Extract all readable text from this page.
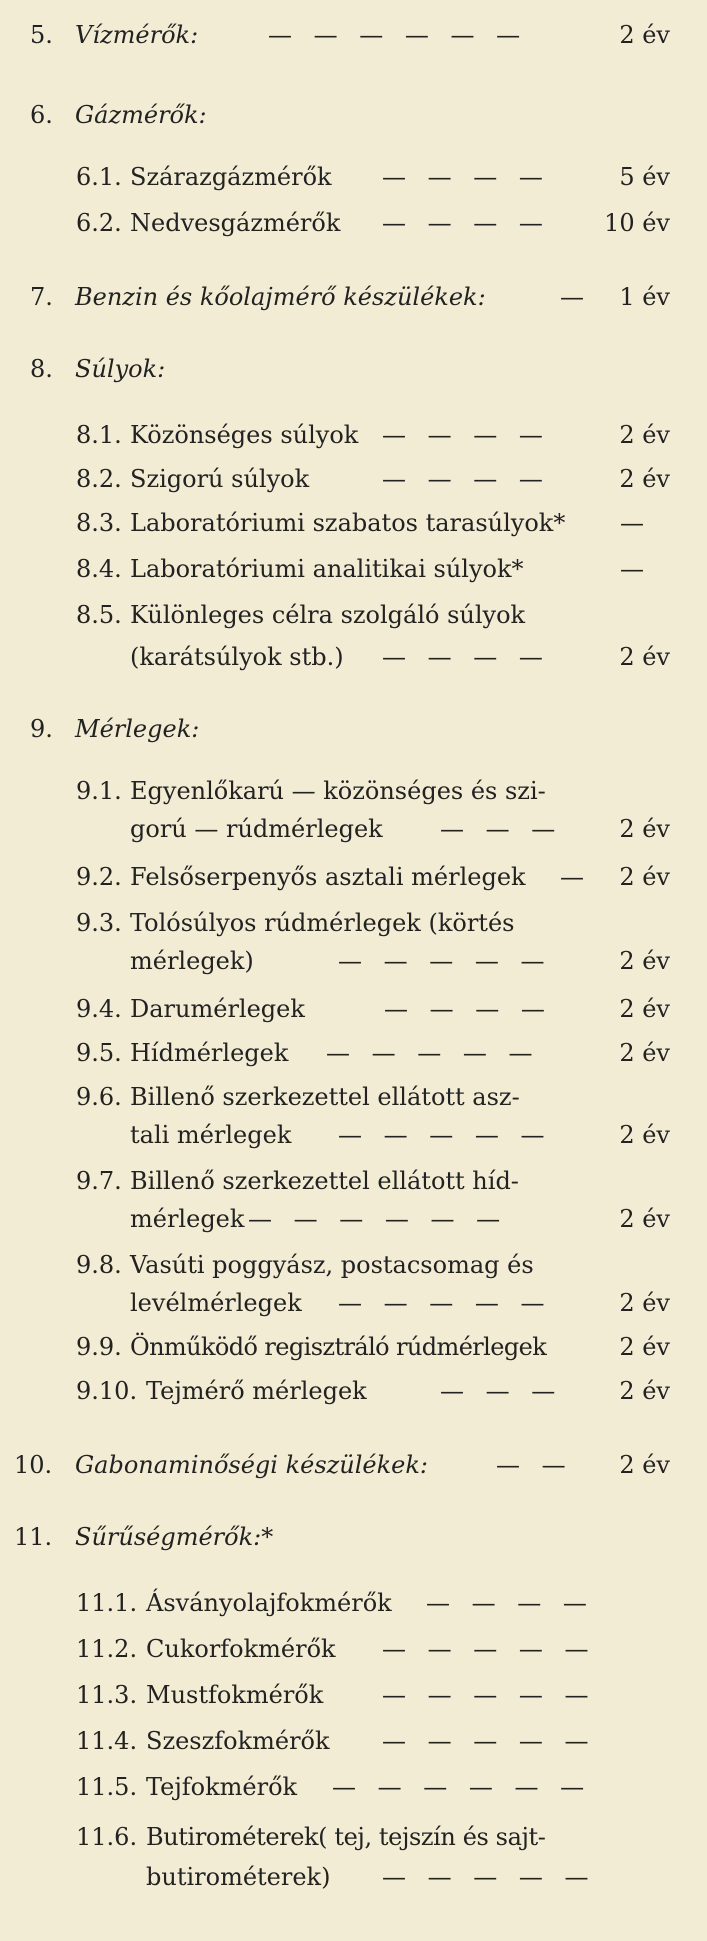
5. Vízmérők:	— — — — — —	2 év
6. Gázmérők:
6.1. Szárazgázmérők — — — —	5 év
6.2. Nedvesgázmérők — — — —	10 év
7. Benzin és kőolajmérő készülékek:	—	1 év
8. Súlyok:
8.1. Közönséges súlyok — — — —	2 év
8.2. Szigorú súlyok	— — — —	2 év
8.3. Laboratóriumi szabatos tarasúlyok* —
8.4. Laboratóriumi analitikai súlyok*	—
8.5. Különleges célra szolgáló súlyok
(karátsúlyok stb.) — — — —	2 év
9. Mérlegek:
9.1. Egyenlőkarú — közönséges és szi-
gorú — rúdmérlegek — — —	2 év
9.2. Felsőserpenyős asztali mérlegek —	2 év
9.3. Tolósúlyos rúdmérlegek (körtés
mérlegek)	— — — — —	2 év
9.4. Darumérlegek	— — — —	2 év
9.5. Hídmérlegek — — — — —	2 év
9.6. Billenő szerkezettel ellátott asz-
tali mérlegek — — — — —	2 év
9.7. Billenő szerkezettel ellátott híd-
mérlegek — — — — — —	2 év
9.8. Vasúti poggyász, postacsomag és
levélmérlegek — — — — —	2 év
9.9. Önműködő regisztráló rúdmérlegek	2 év
9.10. Tejmérő mérlegek	— — —	2 év
10. Gabonaminőségi készülékek:	— —	2 év
11. Sűrűségmérők:*
11.1. Ásványolajfokmérők — — — —
11.2. Cukorfokmérők — — — — —
11.3. Mustfokmérők — — — — —
11.4. Szeszfokmérők — — — — —
11.5. Tejfokmérők — — — — — —
11.6. Butirométerek( tej, tejszín és sajt-
butirométerek) — — — — —
